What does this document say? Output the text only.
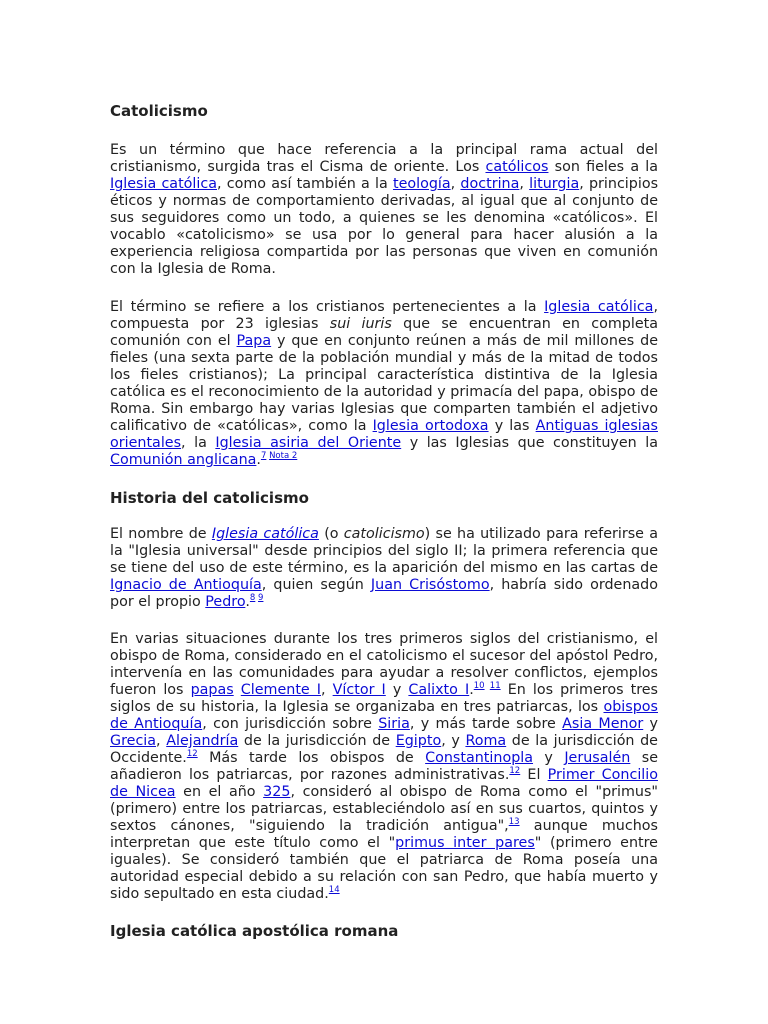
Catolicismo

Es un término que hace referencia a la principal rama actual del cristianismo, surgida tras el Cisma de oriente. Los católicos son fieles a la Iglesia católica, como así también a la teología, doctrina, liturgia, principios éticos y normas de comportamiento derivadas, al igual que al conjunto de sus seguidores como un todo, a quienes se les denomina «católicos». El vocablo «catolicismo» se usa por lo general para hacer alusión a la experiencia religiosa compartida por las personas que viven en comunión con la Iglesia de Roma.

El término se refiere a los cristianos pertenecientes a la Iglesia católica, compuesta por 23 iglesias sui iuris que se encuentran en completa comunión con el Papa y que en conjunto reúnen a más de mil millones de fieles (una sexta parte de la población mundial y más de la mitad de todos los fieles cristianos); La principal característica distintiva de la Iglesia católica es el reconocimiento de la autoridad y primacía del papa, obispo de Roma. Sin embargo hay varias Iglesias que comparten también el adjetivo calificativo de «católicas», como la Iglesia ortodoxa y las Antiguas iglesias orientales, la Iglesia asiria del Oriente y las Iglesias que constituyen la Comunión anglicana.$^{7 Nota 2}$

Historia del catolicismo

El nombre de Iglesia católica (o catolicismo) se ha utilizado para referirse a la "Iglesia universal" desde principios del siglo II; la primera referencia que se tiene del uso de este término, es la aparición del mismo en las cartas de Ignacio de Antioquía, quien según Juan Crisóstomo, habría sido ordenado por el propio Pedro.$^{8 9}$

En varias situaciones durante los tres primeros siglos del cristianismo, el obispo de Roma, considerado en el catolicismo el sucesor del apóstol Pedro, intervenía en las comunidades para ayudar a resolver conflictos, ejemplos fueron los papas Clemente I, Víctor I y Calixto I.$^{10 11}$ En los primeros tres siglos de su historia, la Iglesia se organizaba en tres patriarcas, los obispos de Antioquía, con jurisdicción sobre Siria, y más tarde sobre Asia Menor y Grecia, Alejandría de la jurisdicción de Egipto, y Roma de la jurisdicción de Occidente.$^{12}$ Más tarde los obispos de Constantinopla y Jerusalén se añadieron los patriarcas, por razones administrativas.$^{12}$ El Primer Concilio de Nicea en el año 325, consideró al obispo de Roma como el "primus" (primero) entre los patriarcas, estableciéndolo así en sus cuartos, quintos y sextos cánones, "siguiendo la tradición antigua",$^{13}$ aunque muchos interpretan que este título como el "primus inter pares" (primero entre iguales). Se consideró también que el patriarca de Roma poseía una autoridad especial debido a su relación con san Pedro, que había muerto y sido sepultado en esta ciudad.$^{14}$

Iglesia católica apostólica romana
